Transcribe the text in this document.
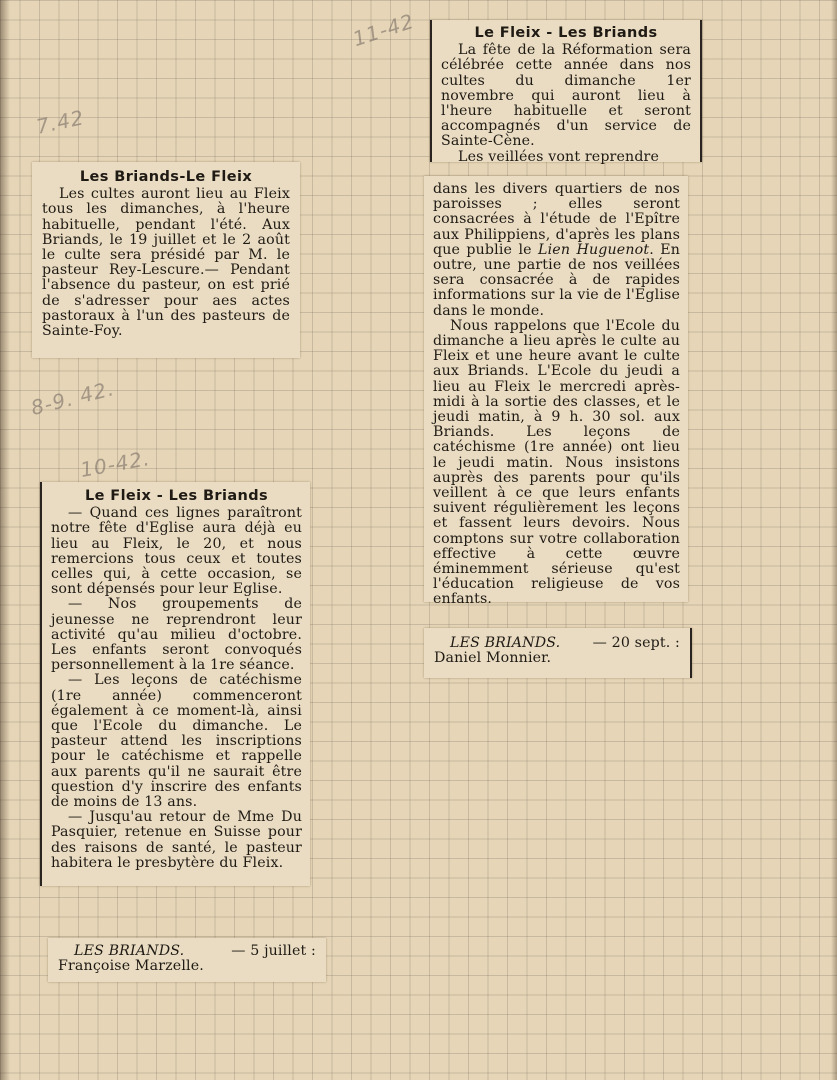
11-42
7.42
8-9. 42.
10-42.
Les Briands-Le Fleix

Les cultes auront lieu au Fleix tous les dimanches, à l'heure habituelle, pendant l'été. Aux Briands, le 19 juillet et le 2 août le culte sera présidé par M. le pasteur Rey-Lescure.— Pendant l'absence du pasteur, on est prié de s'adresser pour aes actes pastoraux à l'un des pasteurs de Sainte-Foy.

Le Fleix - Les Briands

— Quand ces lignes paraîtront notre fête d'Eglise aura déjà eu lieu au Fleix, le 20, et nous remercions tous ceux et toutes celles qui, à cette occasion, se sont dépensés pour leur Eglise.

— Nos groupements de jeunesse ne reprendront leur activité qu'au milieu d'octobre. Les enfants seront convoqués personnellement à la 1re séance.

— Les leçons de catéchisme (1re année) commenceront également à ce moment-là, ainsi que l'Ecole du dimanche. Le pasteur attend les inscriptions pour le catéchisme et rappelle aux parents qu'il ne saurait être question d'y inscrire des enfants de moins de 13 ans.

— Jusqu'au retour de Mme Du Pasquier, retenue en Suisse pour des raisons de santé, le pasteur habitera le presbytère du Fleix.

LES BRIANDS.	— 5 juillet :
Françoise Marzelle.
Le Fleix - Les Briands

La fête de la Réformation sera célébrée cette année dans nos cultes du dimanche 1er novembre qui auront lieu à l'heure habituelle et seront accompagnés d'un service de Sainte-Cène.

Les veillées vont reprendre

dans les divers quartiers de nos paroisses ; elles seront consacrées à l'étude de l'Epître aux Philippiens, d'après les plans que publie le Lien Huguenot. En outre, une partie de nos veillées sera consacrée à de rapides informations sur la vie de l'Eglise dans le monde.

Nous rappelons que l'Ecole du dimanche a lieu après le culte au Fleix et une heure avant le culte aux Briands. L'Ecole du jeudi a lieu au Fleix le mercredi après-midi à la sortie des classes, et le jeudi matin, à 9 h. 30 sol. aux Briands. Les leçons de catéchisme (1re année) ont lieu le jeudi matin. Nous insistons auprès des parents pour qu'ils veillent à ce que leurs enfants suivent régulièrement les leçons et fassent leurs devoirs. Nous comptons sur votre collaboration effective à cette œuvre éminemment sérieuse qu'est l'éducation religieuse de vos enfants.

LES BRIANDS. — 20 sept. :
Daniel Monnier.
